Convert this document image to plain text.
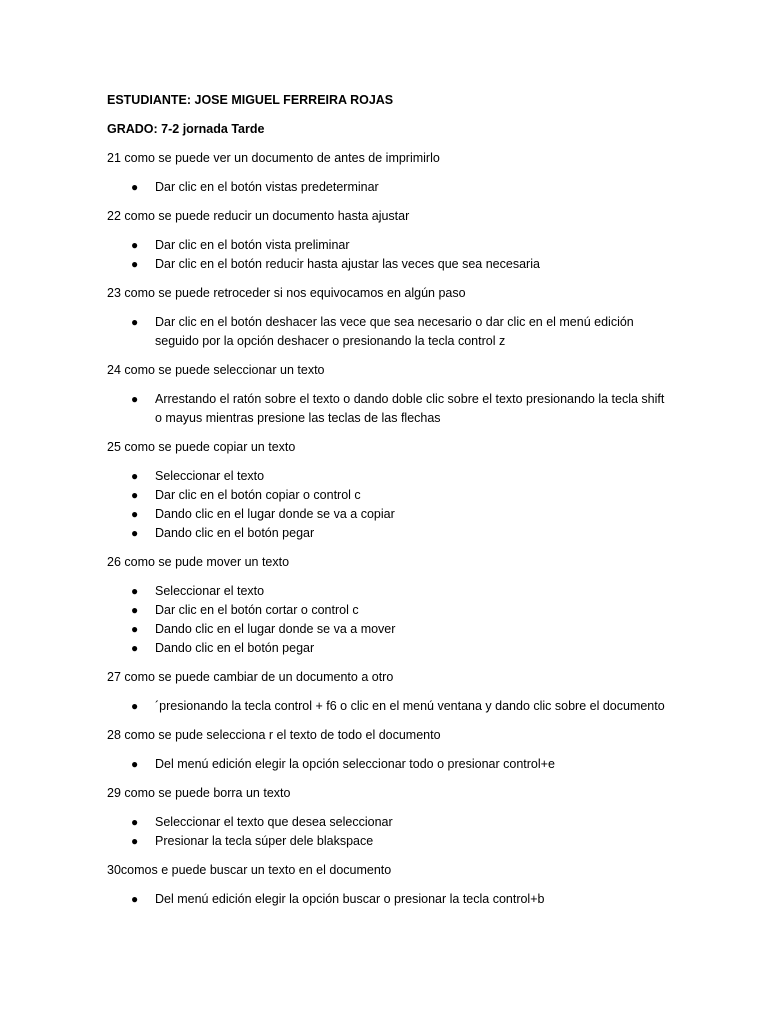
ESTUDIANTE: JOSE MIGUEL FERREIRA ROJAS

GRADO: 7-2 jornada Tarde

21 como se puede ver un documento de antes de imprimirlo

● Dar clic en el botón vistas predeterminar

22 como se puede reducir un documento hasta ajustar

● Dar clic en el botón vista preliminar
● Dar clic en el botón reducir hasta ajustar las veces que sea necesaria

23 como se puede retroceder si nos equivocamos en algún paso

● Dar clic en el botón deshacer las vece que sea necesario o dar clic en el menú edición seguido por la opción deshacer o presionando la tecla control z

24 como se puede seleccionar un texto

● Arrestando el ratón sobre el texto o dando doble clic sobre el texto presionando la tecla shift o mayus mientras presione las teclas de las flechas

25 como se puede copiar un texto

● Seleccionar el texto
● Dar clic en el botón copiar o control c
● Dando clic en el lugar donde se va a copiar
● Dando clic en el botón pegar

26 como se pude mover un texto

● Seleccionar el texto
● Dar clic en el botón cortar o control c
● Dando clic en el lugar donde se va a mover
● Dando clic en el botón pegar

27 como se puede cambiar de un documento a otro

● ´presionando la tecla control + f6 o clic en el menú ventana y dando clic sobre el documento

28 como se pude selecciona r el texto de todo el documento

● Del menú edición elegir la opción seleccionar todo o presionar control+e

29 como se puede borra un texto

● Seleccionar el texto que desea seleccionar
● Presionar la tecla súper dele blakspace

30comos e puede buscar un texto en el documento

● Del menú edición elegir la opción buscar o presionar la tecla control+b
